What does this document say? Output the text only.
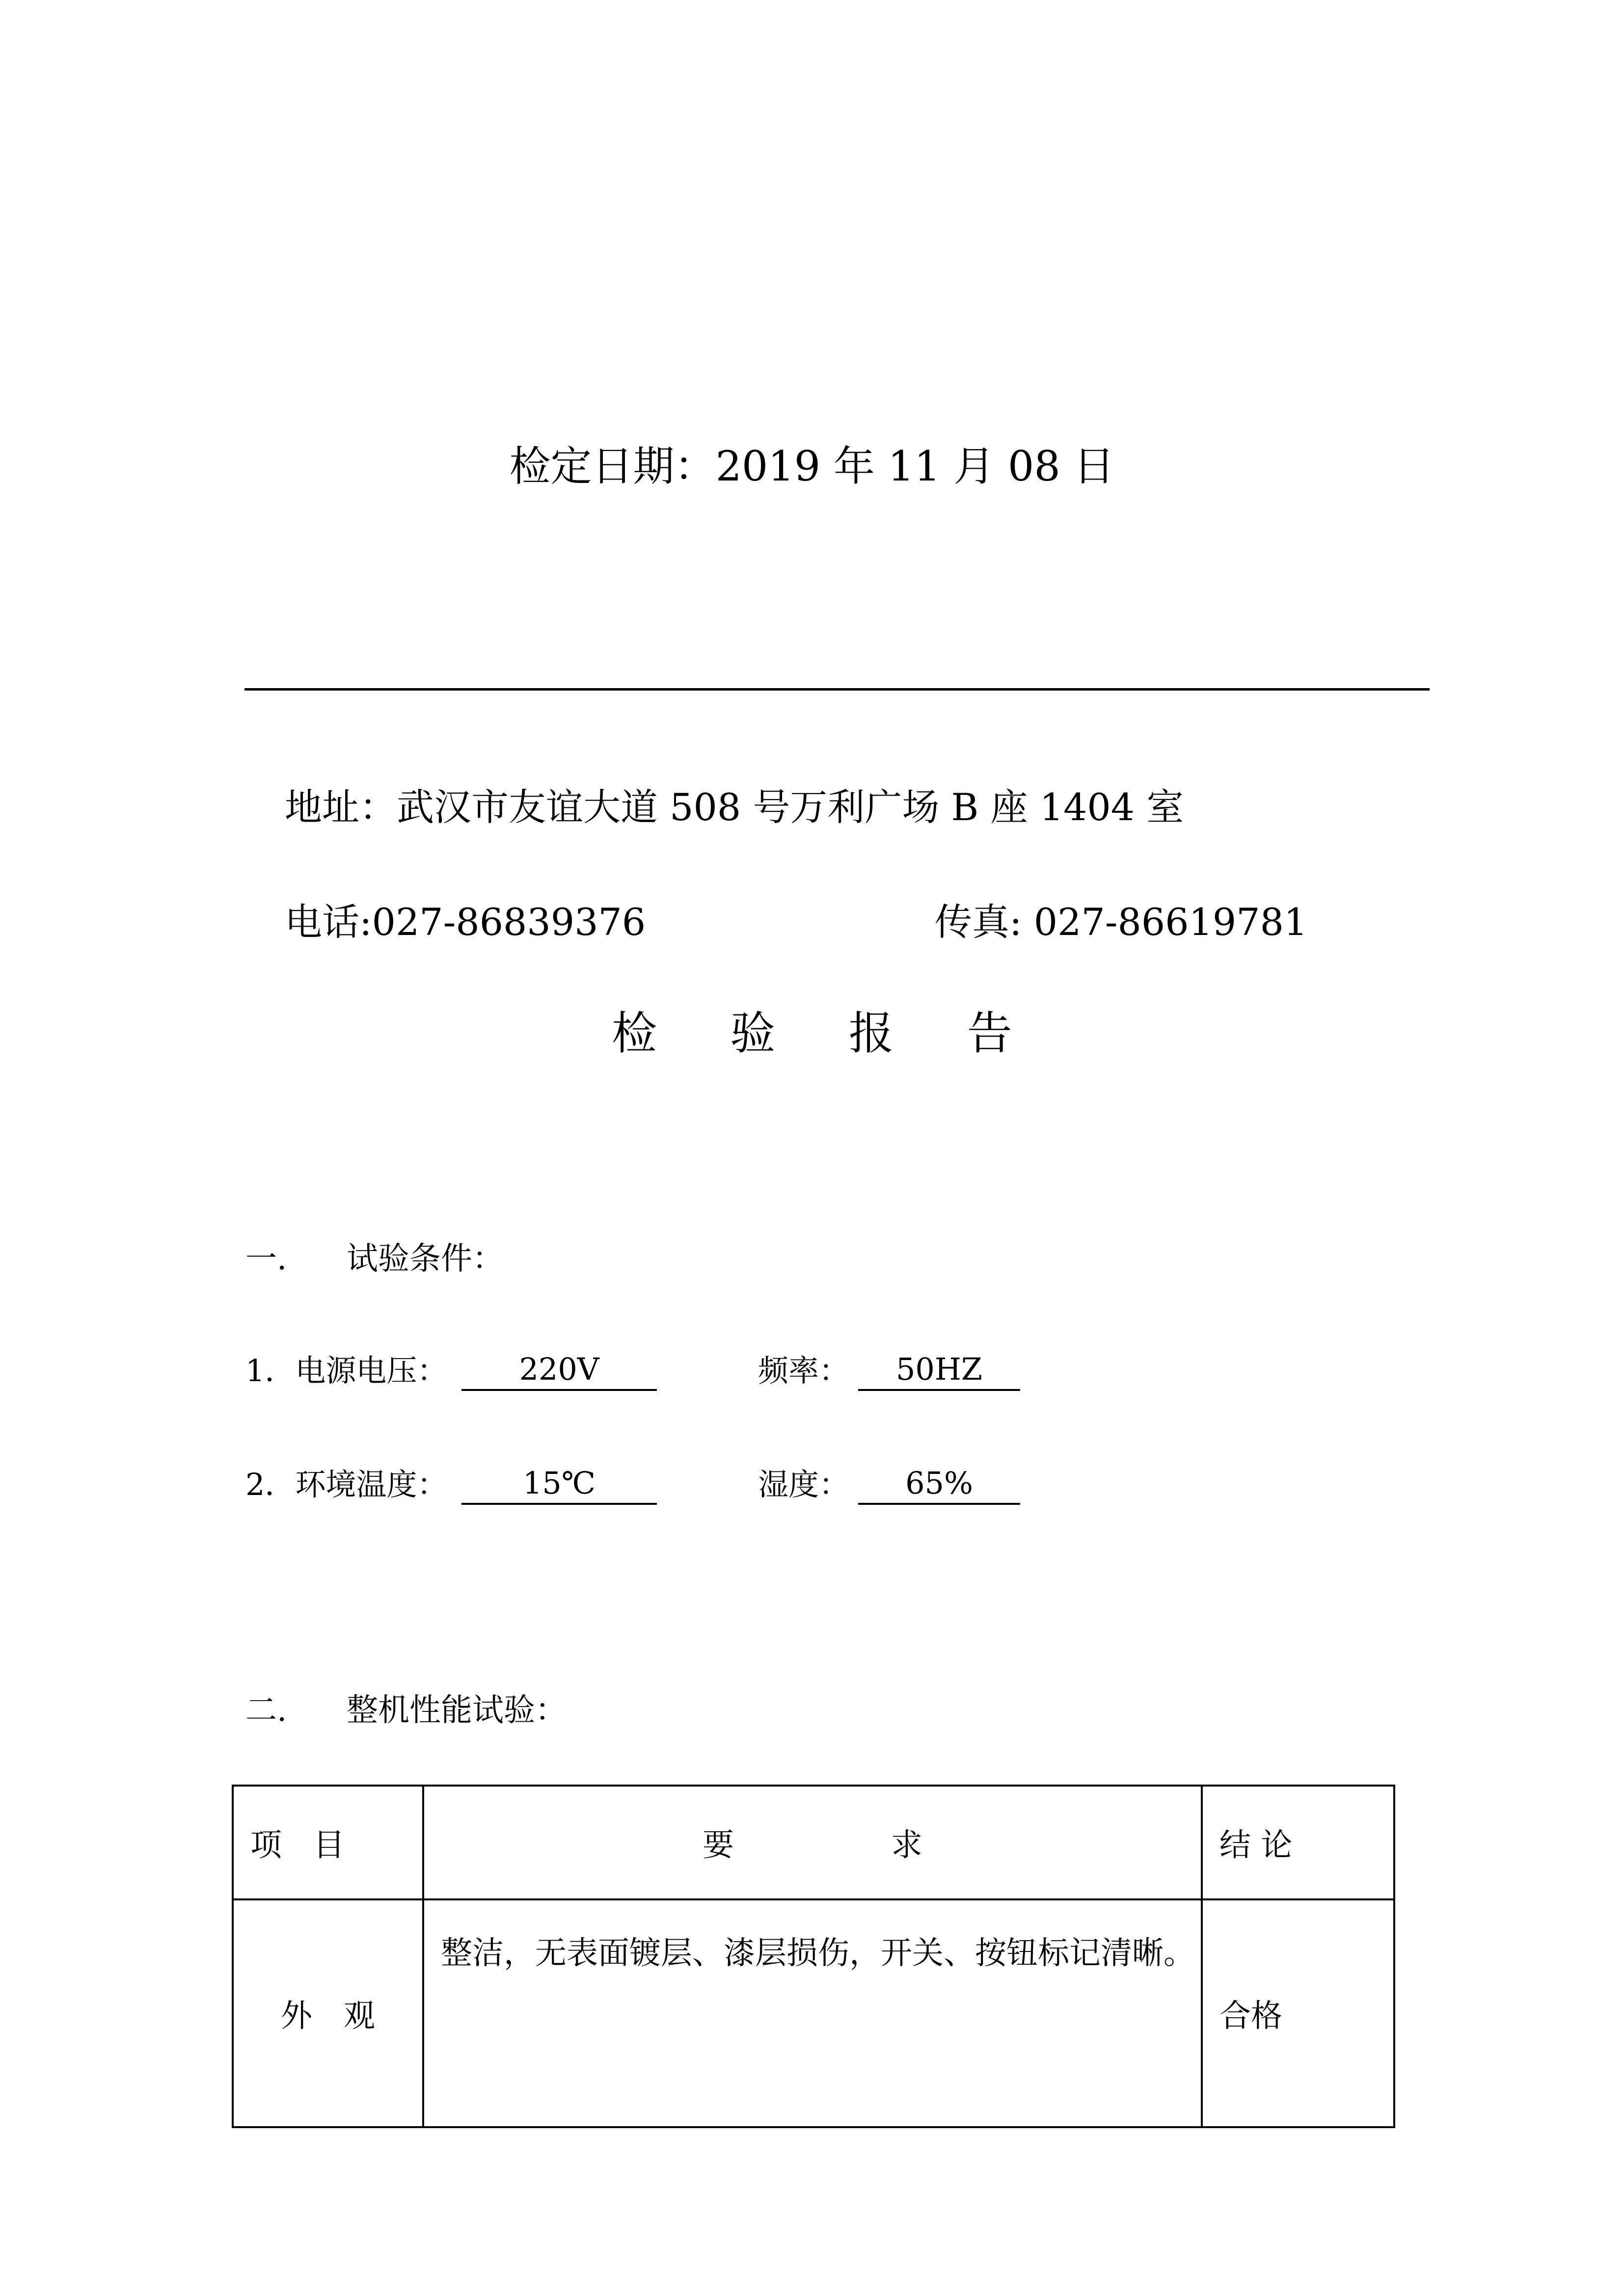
检定日期：2019 年 11 月 08 日
地址：武汉市友谊大道 508 号万利广场 B 座 1404 室
电话:027-86839376	传真: 027-86619781
检 验 报 告
一. 试验条件：
1．电源电压：	220V	频率：	50HZ
2．环境温度：	15℃	湿度：	65%
二. 整机性能试验：
项　目	要　　　　　求	结 论
外　观	整洁，无表面镀层、漆层损伤，开关、按钮标记清晰。	合格
